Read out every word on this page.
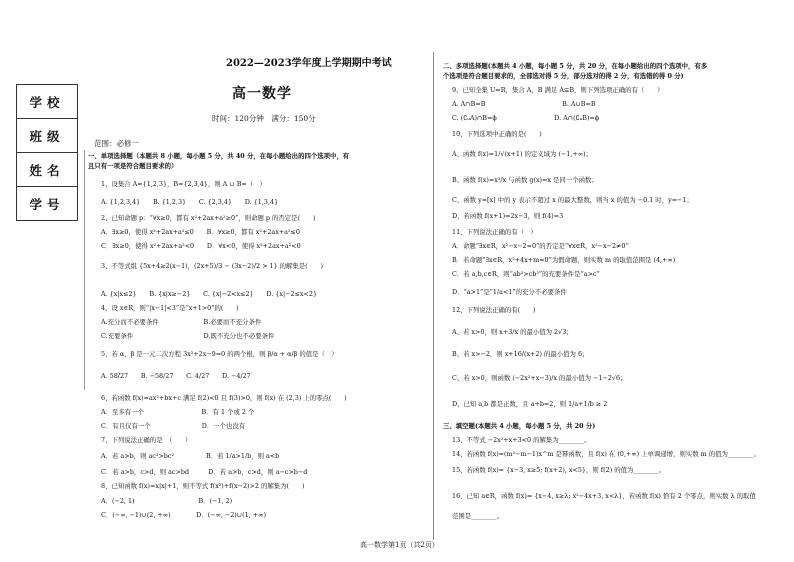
2022—2023学年度上学期期中考试
高一数学
时间：120分钟　满分：150分
范围：必修一
学校
班级
姓名
学号
一、单项选择题（本题共 8 小题，每小题 5 分，共 40 分，在每小题给出的四个选项中，有
且只有一项是符合题目要求的）
1、设集合 A={1,2,3}，B={2,3,4}，则 A ∪ B=（　）
A. {1,2,3,4}　　B. {1,2,3}　　C. {2,3,4}　　D. {1,3,4}
2、已知命题 p：“∀x≥0，都有 x²+2ax+a²≥0”，则命题 p 的否定是(　　)
A．∃x≥0，使得 x²+2ax+a²≤0　　B．∀x≥0，都有 x²+2ax+a²≤0
C．∃x≥0，使得 x²+2ax+a²<0　　D．∀x<0，使得 x²+2ax+a²<0
3、不等式组 {5x+4≥2(x−1)，(2x+5)/3 − (3x−2)/2 > 1} 的解集是(　　)
A. {x|x≤2}　　B. {x|x≥−2}　　C. {x|−2<x≤2}　　D. {x|−2≤x<2}
4、设 x∈R，则“|x−1|<3”是“x+1>0”的(　　)
A.充分而不必要条件　　　　　　　B.必要而不充分条件
C.充要条件　　　　　　　　　　　D.既不充分也不必要条件
5、若 α，β 是一元二次方程 3x²+2x−9=0 的两个根，则 β/α + α/β 的值是（　）
A. 58/27　　B. −58/27　　C. 4/27　　D. −4/27
6、若函数 f(x)=ax²+bx+c 满足 f(2)<0 且 f(3)>0，则 f(x) 在 (2,3) 上的零点(　　)
A．至多有一个　　　　　　　　　B．有 1 个或 2 个
C．有且仅有一个　　　　　　　　D．一个也没有
7、下列说法正确的是　（　　）
A．若 a>b，则 ac²>bc²　　　　　B．若 1/a>1/b，则 a<b
C．若 a>b，c>d，则 ac>bd　　　D．若 a>b，c>d，则 a−c>b−d
8、已知函数 f(x)=x|x|+1，则不等式 f(x²)+f(x−2)>2 的解集为(　　)
A．(−2, 1)　　　　　　　　　　B．(−1, 2)
C．(−∞, −1)∪(2, +∞)　　　　D．(−∞, −2)∪(1, +∞)
二、多项选择题(本题共 4 小题，每小题 5 分，共 20 分，在每小题给出的四个选项中，有多
个选项是符合题目要求的，全部选对得 5 分，部分选对的得 2 分，有选错的得 0 分)
9、已知全集 U=R，集合 A，B 满足 A⊊B，则下列选项正确的有（　　）
A. A∩B=B　　　　　　　　　　　　B. A∪B=B
C. (∁ᵤA)∩B=ϕ　　　　　　　　　D. A∩(∁ᵤB)=ϕ
10、下列选项中正确的是(　　)
A、函数 f(x)=1/√(x+1) 的定义域为 (−1,+∞)；
B、函数 f(x)=x²/x 与函数 g(x)=x 是同一个函数；
C、函数 y=[x] 中的 y 表示不超过 x 的最大整数，则当 x 的值为 −0.1 时，y=−1；
D、若函数 f(x+1)=2x−3，则 f(4)=3
11、下列说法正确的有（　）
A．命题“∃x∈R，x²−x−2=0”的否定是“∀x∈R，x²−x−2≠0”
B．若命题“∃x∈R，x²+4x+m=0”为假命题，则实数 m 的取值范围是 (4,+∞)
C．若 a,b,c∈R，则“ab²>cb²”的充要条件是“a>c”
D．“a>1”是“1/a<1”的充分不必要条件
12、下列说法正确的有(　　)
A、若 x>0，则 x+3/x 的最小值为 2√3；
B、若 x>−2，则 x+16/(x+2) 的最小值为 6；
C、若 x>0，则函数 (−2x²+x−3)/x 的最小值为 −1−2√6；
D、已知 a,b 都是正数，且 a+b=2，则 1/a+1/b ≥ 2
三、填空题(本题共 4 小题，每小题 5 分，共 20 分)
13、不等式 −2x²+x+3<0 的解集为________。
14、若函数 f(x)=(m²−m−1)x^m 是幂函数，且 f(x) 在 (0,+∞) 上单调递增，则实数 m 的值为________。
15、若函数 f(x)= {x−3, x≥5; f(x+2), x<5}，则 f(2) 的值为________。
16、已知 a∈R，函数 f(x)= {x−4, x≥λ; x²−4x+3, x<λ}，若函数 f(x) 恰有 2 个零点，则实数 λ 的取值
范围是________。
高一数学第1页（共2页）
